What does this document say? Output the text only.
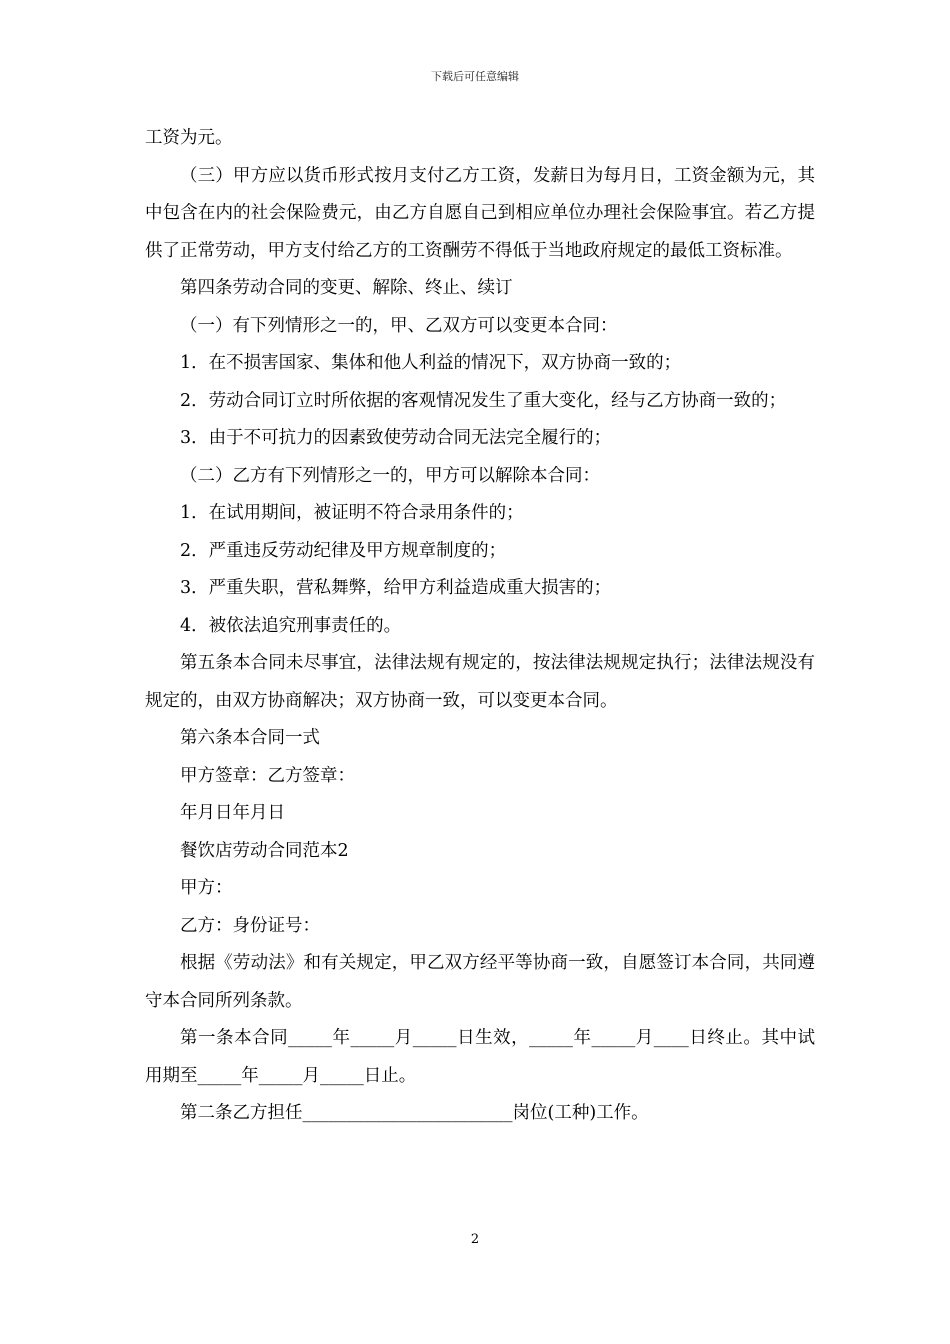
下载后可任意编辑

工资为元。

（三）甲方应以货币形式按月支付乙方工资，发薪日为每月日，工资金额为元，其中包含在内的社会保险费元，由乙方自愿自己到相应单位办理社会保险事宜。若乙方提供了正常劳动，甲方支付给乙方的工资酬劳不得低于当地政府规定的最低工资标准。

第四条劳动合同的变更、解除、终止、续订

（一）有下列情形之一的，甲、乙双方可以变更本合同：

1．在不损害国家、集体和他人利益的情况下，双方协商一致的；

2．劳动合同订立时所依据的客观情况发生了重大变化，经与乙方协商一致的；

3．由于不可抗力的因素致使劳动合同无法完全履行的；

（二）乙方有下列情形之一的，甲方可以解除本合同：

1．在试用期间，被证明不符合录用条件的；

2．严重违反劳动纪律及甲方规章制度的；

3．严重失职，营私舞弊，给甲方利益造成重大损害的；

4．被依法追究刑事责任的。

第五条本合同未尽事宜，法律法规有规定的，按法律法规规定执行；法律法规没有规定的，由双方协商解决；双方协商一致，可以变更本合同。

第六条本合同一式

甲方签章：乙方签章：

年月日年月日

餐饮店劳动合同范本2

甲方：

乙方：身份证号：

根据《劳动法》和有关规定，甲乙双方经平等协商一致，自愿签订本合同，共同遵守本合同所列条款。

第一条本合同_____年_____月_____日生效，_____年_____月____日终止。其中试用期至_____年_____月_____日止。

第二条乙方担任________________________岗位(工种)工作。

2
